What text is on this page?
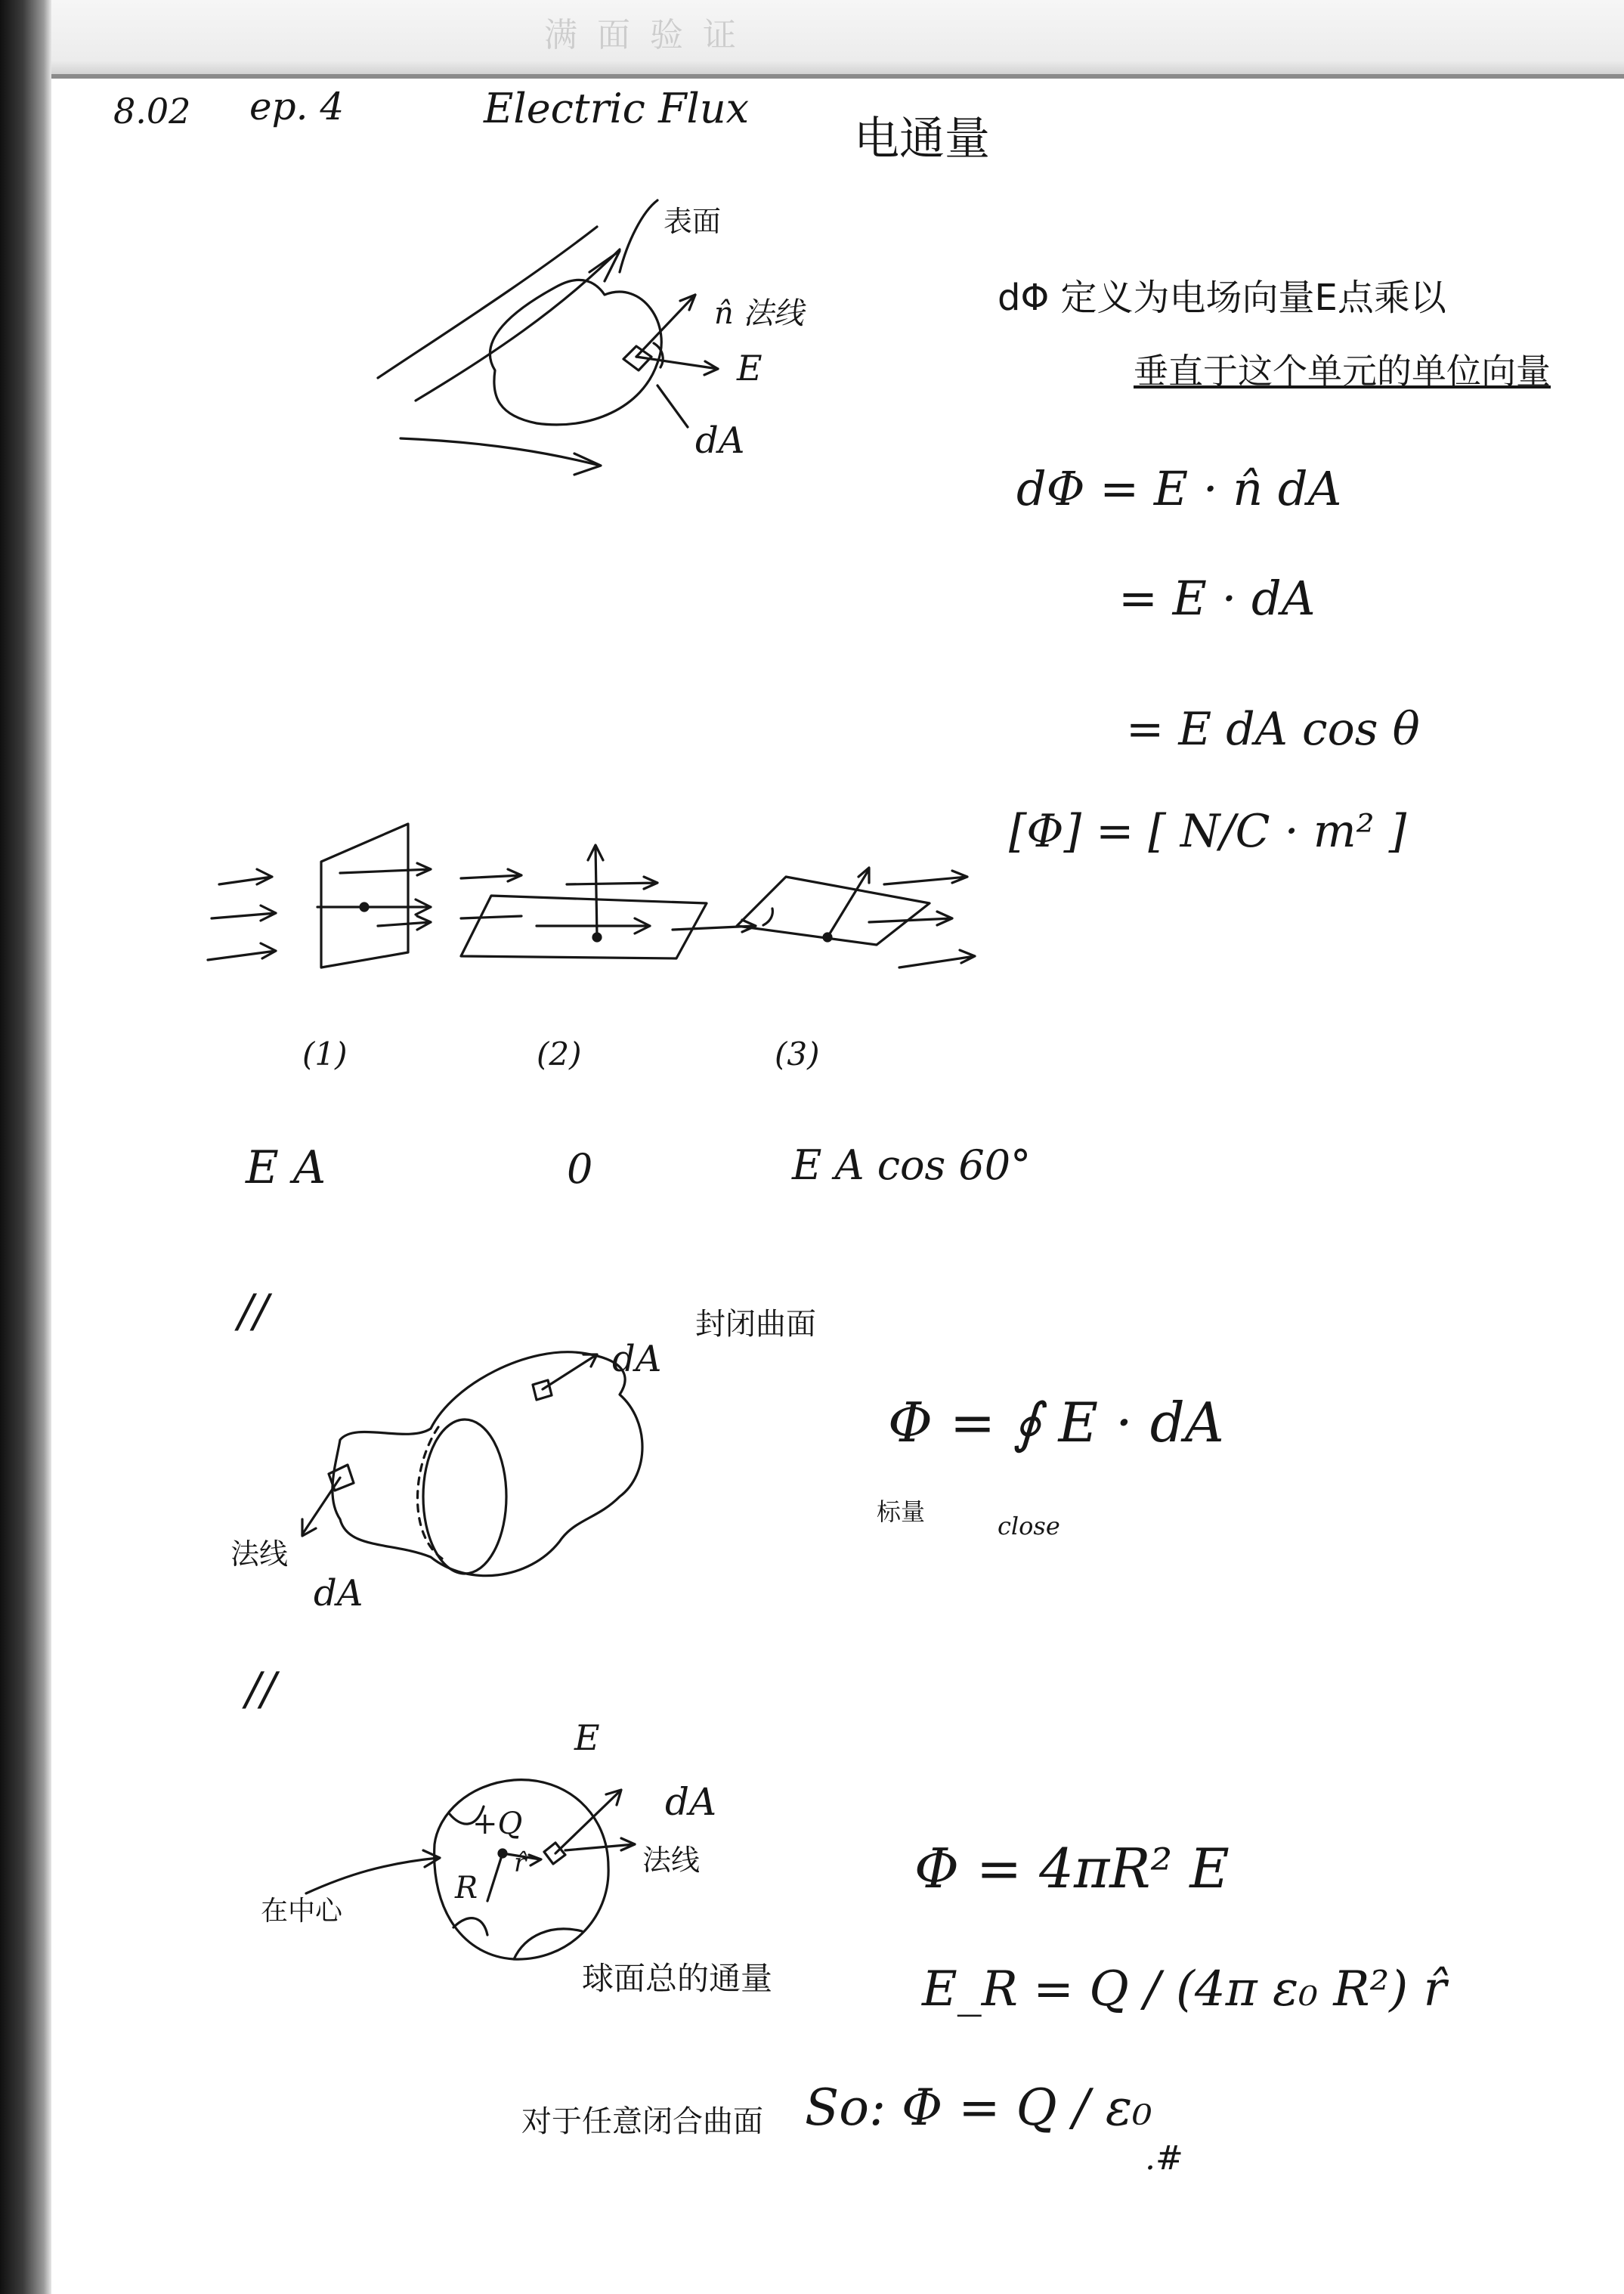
满 面 验 证
8.02 ep. 4	Electric Flux
电通量
表面
n̂ 法线
E
dA
dΦ 定义为电场向量E点乘以
垂直于这个单元的单位向量
dΦ = E · n̂ dA
= E · dA
= E dA cos θ
[Φ] = [ N/C · m² ]
(1)	(2)	(3)
E A	0	E A cos 60°
//	封闭曲面
dA
法线
dA
Φ = ∮ E · dA
标量	close
//
E
dA
法线
+Q
r̂
R
在中心
Φ = 4πR² E
球面总的通量	E_R = Q / (4π ε₀ R²) r̂
对于任意闭合曲面 So: Φ = Q / ε₀
.#
